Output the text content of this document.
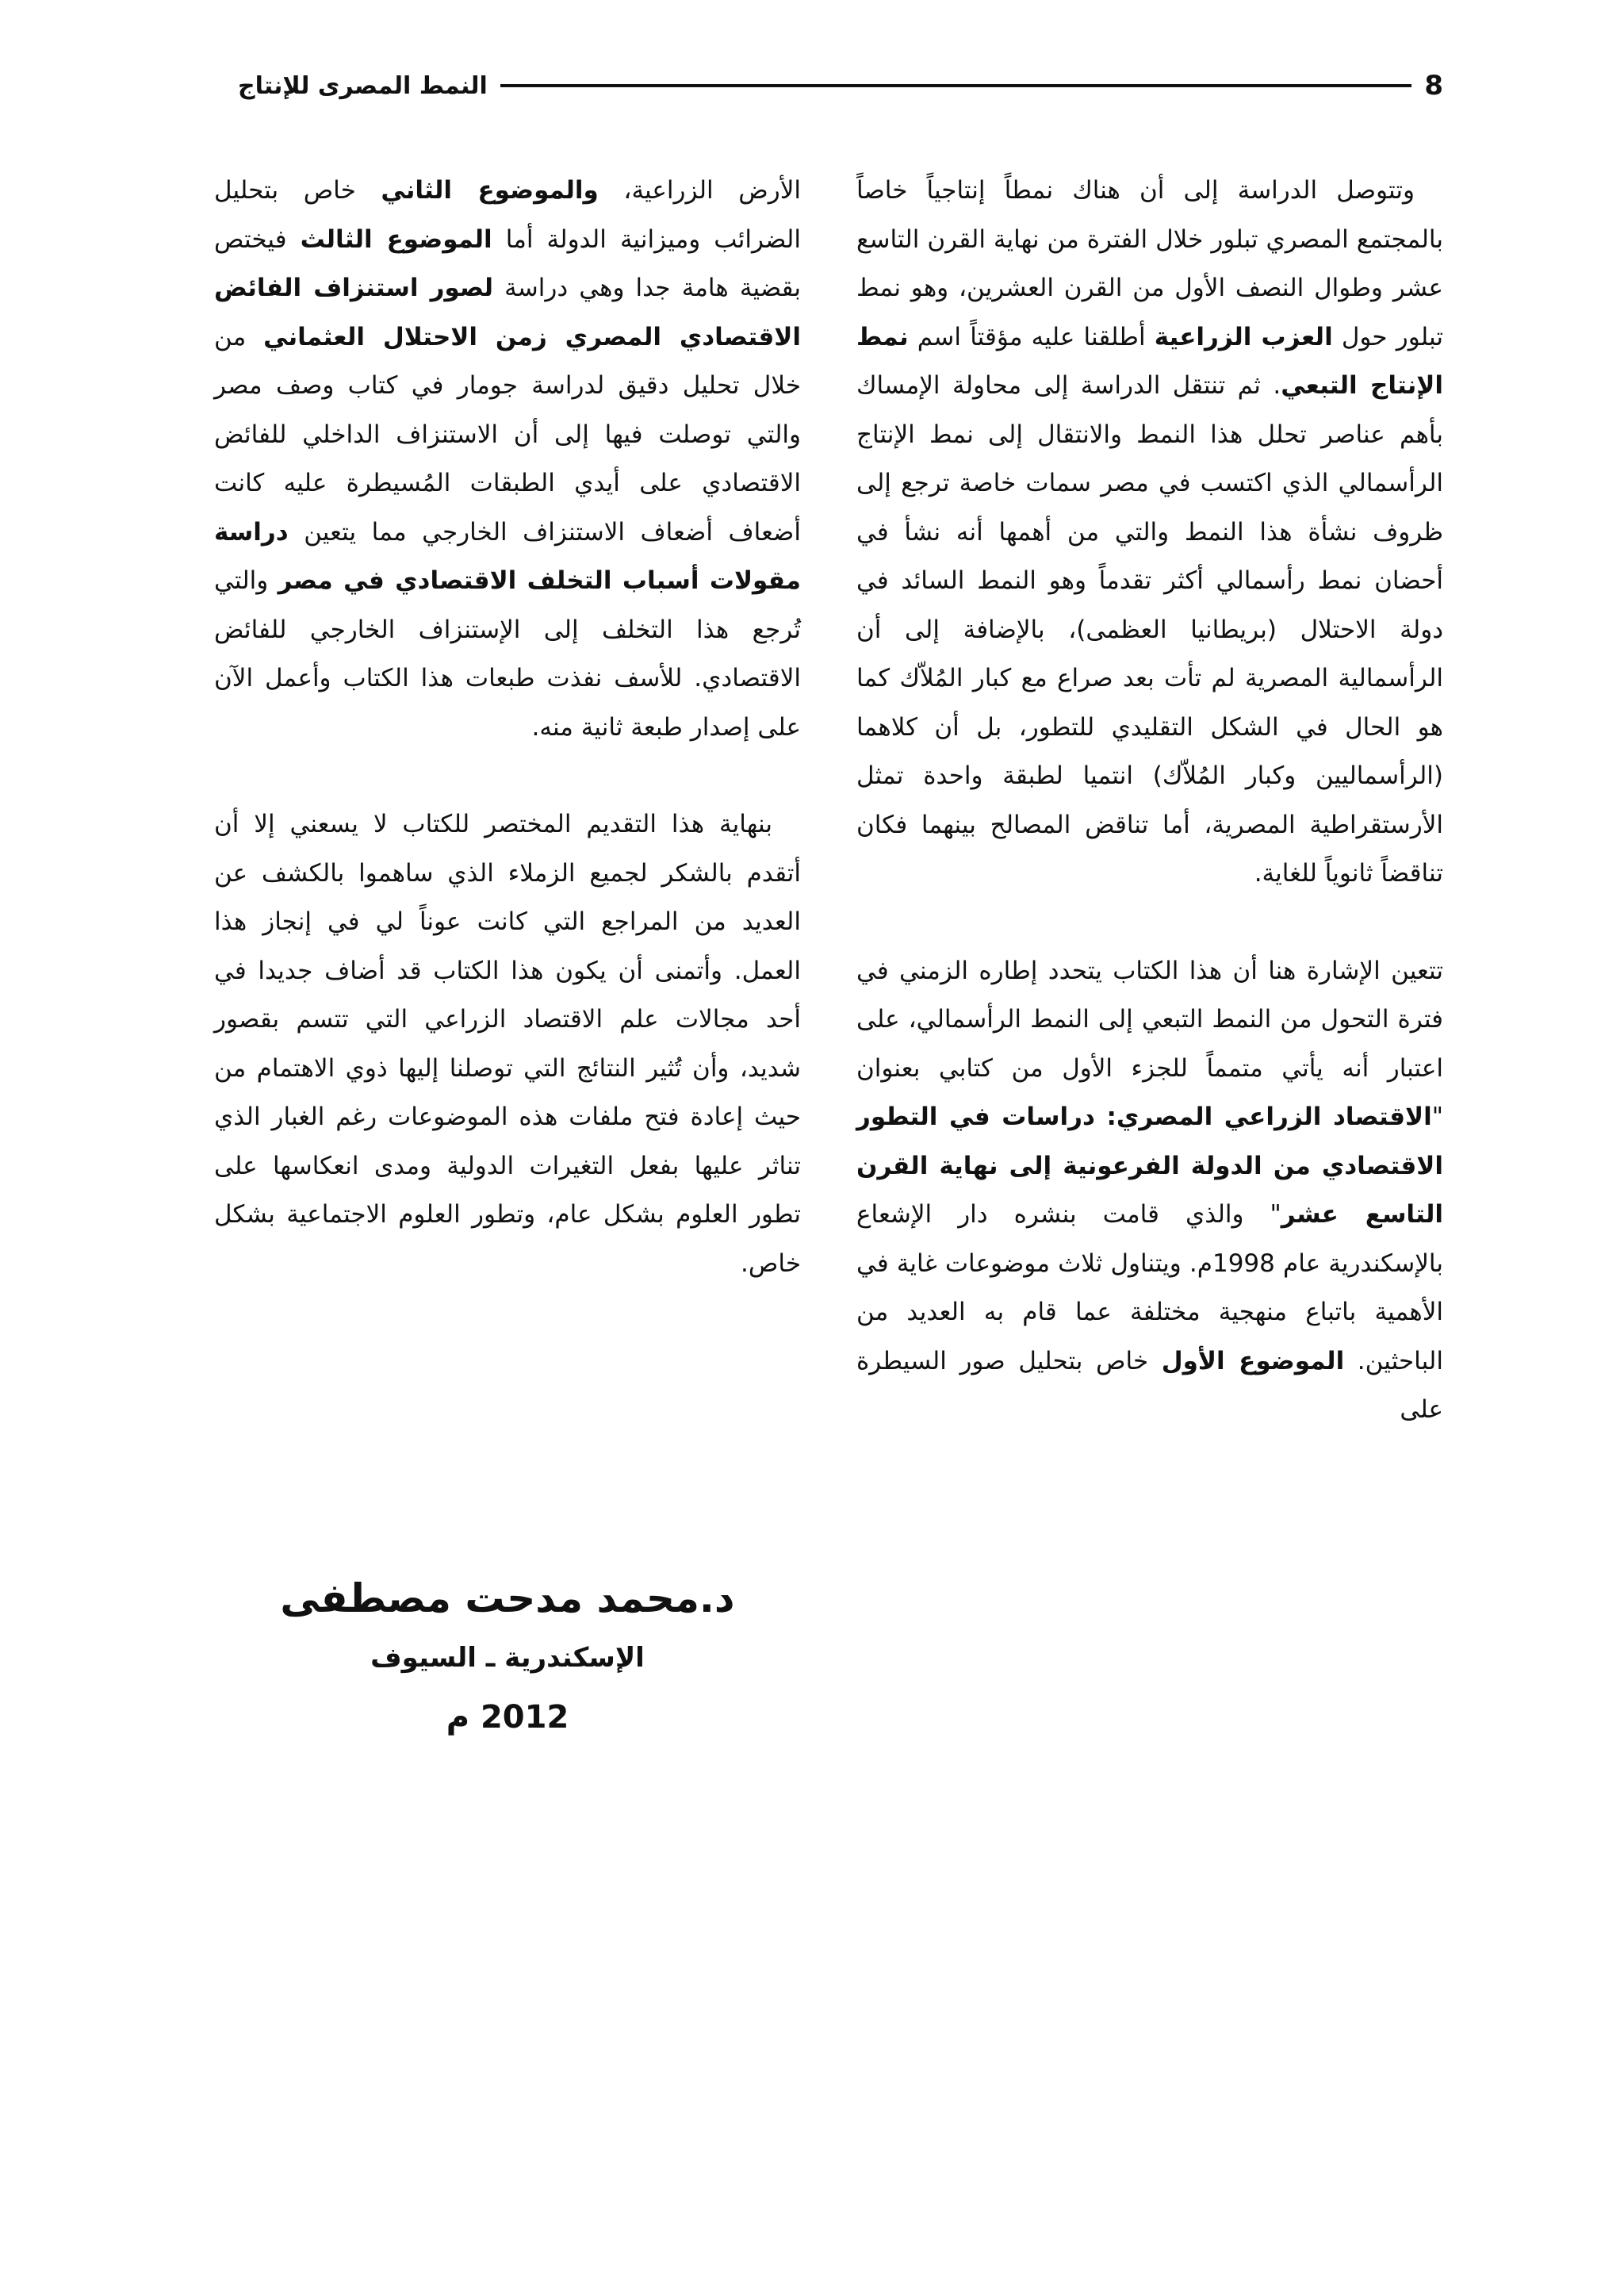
النمط المصرى للإنتاج	8

وتتوصل الدراسة إلى أن هناك نمطاً إنتاجياً خاصاً بالمجتمع المصري تبلور خلال الفترة من نهاية القرن التاسع عشر وطوال النصف الأول من القرن العشرين، وهو نمط تبلور حول العزب الزراعية أطلقنا عليه مؤقتاً اسم نمط الإنتاج التبعي. ثم تنتقل الدراسة إلى محاولة الإمساك بأهم عناصر تحلل هذا النمط والانتقال إلى نمط الإنتاج الرأسمالي الذي اكتسب في مصر سمات خاصة ترجع إلى ظروف نشأة هذا النمط والتي من أهمها أنه نشأ في أحضان نمط رأسمالي أكثر تقدماً وهو النمط السائد في دولة الاحتلال (بريطانيا العظمى)، بالإضافة إلى أن الرأسمالية المصرية لم تأت بعد صراع مع كبار المُلاّك كما هو الحال في الشكل التقليدي للتطور، بل أن كلاهما (الرأسماليين وكبار المُلاّك) انتميا لطبقة واحدة تمثل الأرستقراطية المصرية، أما تناقض المصالح بينهما فكان تناقضاً ثانوياً للغاية.

تتعين الإشارة هنا أن هذا الكتاب يتحدد إطاره الزمني في فترة التحول من النمط التبعي إلى النمط الرأسمالي، على اعتبار أنه يأتي متمماً للجزء الأول من كتابي بعنوان "الاقتصاد الزراعي المصري: دراسات في التطور الاقتصادي من الدولة الفرعونية إلى نهاية القرن التاسع عشر" والذي قامت بنشره دار الإشعاع بالإسكندرية عام 1998م. ويتناول ثلاث موضوعات غاية في الأهمية باتباع منهجية مختلفة عما قام به العديد من الباحثين. الموضوع الأول خاص بتحليل صور السيطرة على

الأرض الزراعية، والموضوع الثاني خاص بتحليل الضرائب وميزانية الدولة أما الموضوع الثالث فيختص بقضية هامة جدا وهي دراسة لصور استنزاف الفائض الاقتصادي المصري زمن الاحتلال العثماني من خلال تحليل دقيق لدراسة جومار في كتاب وصف مصر والتي توصلت فيها إلى أن الاستنزاف الداخلي للفائض الاقتصادي على أيدي الطبقات المُسيطرة عليه كانت أضعاف أضعاف الاستنزاف الخارجي مما يتعين دراسة مقولات أسباب التخلف الاقتصادي في مصر والتي تُرجع هذا التخلف إلى الإستنزاف الخارجي للفائض الاقتصادي. للأسف نفذت طبعات هذا الكتاب وأعمل الآن على إصدار طبعة ثانية منه.

بنهاية هذا التقديم المختصر للكتاب لا يسعني إلا أن أتقدم بالشكر لجميع الزملاء الذي ساهموا بالكشف عن العديد من المراجع التي كانت عوناً لي في إنجاز هذا العمل. وأتمنى أن يكون هذا الكتاب قد أضاف جديدا في أحد مجالات علم الاقتصاد الزراعي التي تتسم بقصور شديد، وأن تُثير النتائج التي توصلنا إليها ذوي الاهتمام من حيث إعادة فتح ملفات هذه الموضوعات رغم الغبار الذي تناثر عليها بفعل التغيرات الدولية ومدى انعكاسها على تطور العلوم بشكل عام، وتطور العلوم الاجتماعية بشكل خاص.

د.محمد مدحت مصطفى
الإسكندرية ـ السيوف
2012 م
